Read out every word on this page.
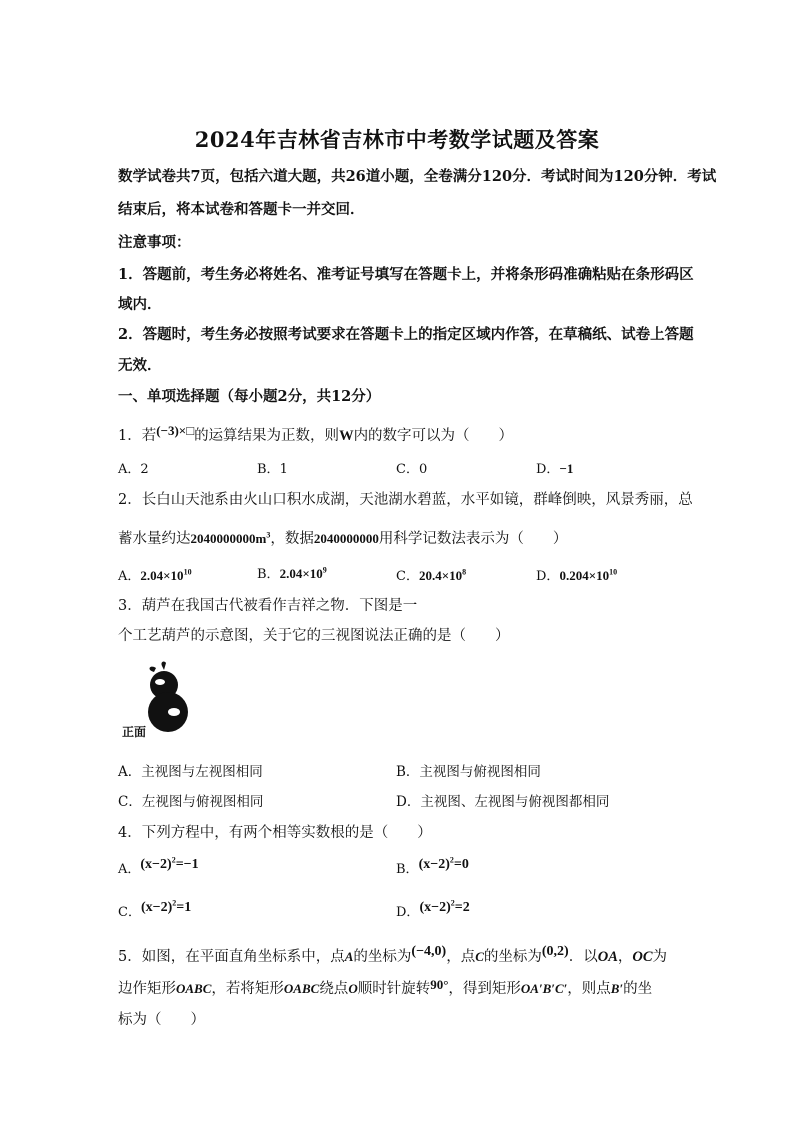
2024年吉林省吉林市中考数学试题及答案
数学试卷共7页，包括六道大题，共26道小题，全卷满分120分．考试时间为120分钟．考试
结束后，将本试卷和答题卡一并交回．
注意事项：
1．答题前，考生务必将姓名、准考证号填写在答题卡上，并将条形码准确粘贴在条形码区
域内．
2．答题时，考生务必按照考试要求在答题卡上的指定区域内作答，在草稿纸、试卷上答题
无效．
一、单项选择题（每小题2分，共12分）
1．若(−3)×□的运算结果为正数，则W内的数字可以为（　　）
A．2	B．1	C．0	D．−1
2．长白山天池系由火山口积水成湖，天池湖水碧蓝，水平如镜，群峰倒映，风景秀丽，总
蓄水量约达$2040000000m^3$，数据2040000000用科学记数法表示为（　　）
A．$2.04\times 10^{10}$	B．$2.04\times 10^9$	C．$20.4\times 10^8$	D．$0.204\times 10^{10}$
3．葫芦在我国古代被看作吉祥之物．下图是一
个工艺葫芦的示意图，关于它的三视图说法正确的是（　　）
正面
A．主视图与左视图相同	B．主视图与俯视图相同
C．左视图与俯视图相同	D．主视图、左视图与俯视图都相同
4．下列方程中，有两个相等实数根的是（　　）
A．$(x-2)^2=-1$	B．$(x-2)^2=0$
C．$(x-2)^2=1$	D．$(x-2)^2=2$
5．如图，在平面直角坐标系中，点A的坐标为(−4,0)，点C的坐标为(0,2)．以OA，OC为
边作矩形OABC，若将矩形OABC绕点O顺时针旋转90°，得到矩形OA′B′C′，则点B′的坐
标为（　　）
